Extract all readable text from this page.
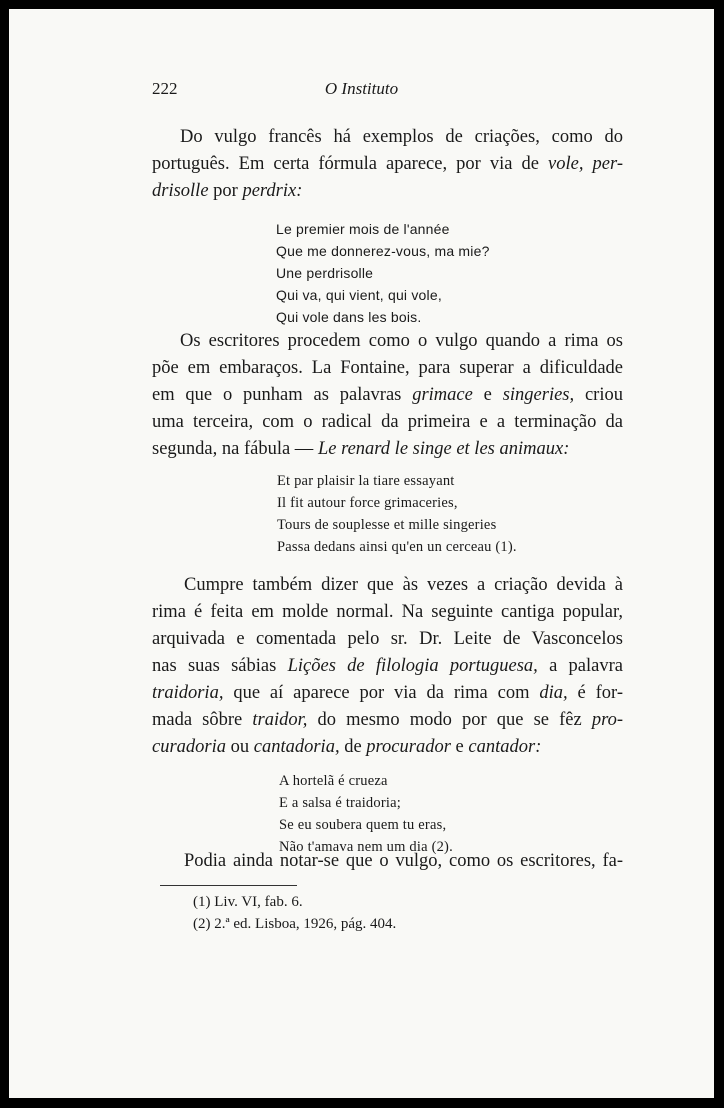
222	O Instituto
Do vulgo francês há exemplos de criações, como do
português. Em certa fórmula aparece, por via de vole, per-
drisolle por perdrix:
Le premier mois de l'année
Que me donnerez-vous, ma mie?
Une perdrisolle
Qui va, qui vient, qui vole,
Qui vole dans les bois.
Os escritores procedem como o vulgo quando a rima os
põe em embaraços. La Fontaine, para superar a dificuldade
em que o punham as palavras grimace e singeries, criou
uma terceira, com o radical da primeira e a terminação da
segunda, na fábula — Le renard le singe et les animaux:
Et par plaisir la tiare essayant
Il fit autour force grimaceries,
Tours de souplesse et mille singeries
Passa dedans ainsi qu'en un cerceau (1).
Cumpre também dizer que às vezes a criação devida à
rima é feita em molde normal. Na seguinte cantiga popular,
arquivada e comentada pelo sr. Dr. Leite de Vasconcelos
nas suas sábias Lições de filologia portuguesa, a palavra
traidoria, que aí aparece por via da rima com dia, é for-
mada sôbre traidor, do mesmo modo por que se fêz pro-
curadoria ou cantadoria, de procurador e cantador:
A hortelã é crueza
E a salsa é traidoria;
Se eu soubera quem tu eras,
Não t'amava nem um dia (2).
Podia ainda notar-se que o vulgo, como os escritores, fa-
(1) Liv. VI, fab. 6.
(2) 2.ª ed. Lisboa, 1926, pág. 404.
